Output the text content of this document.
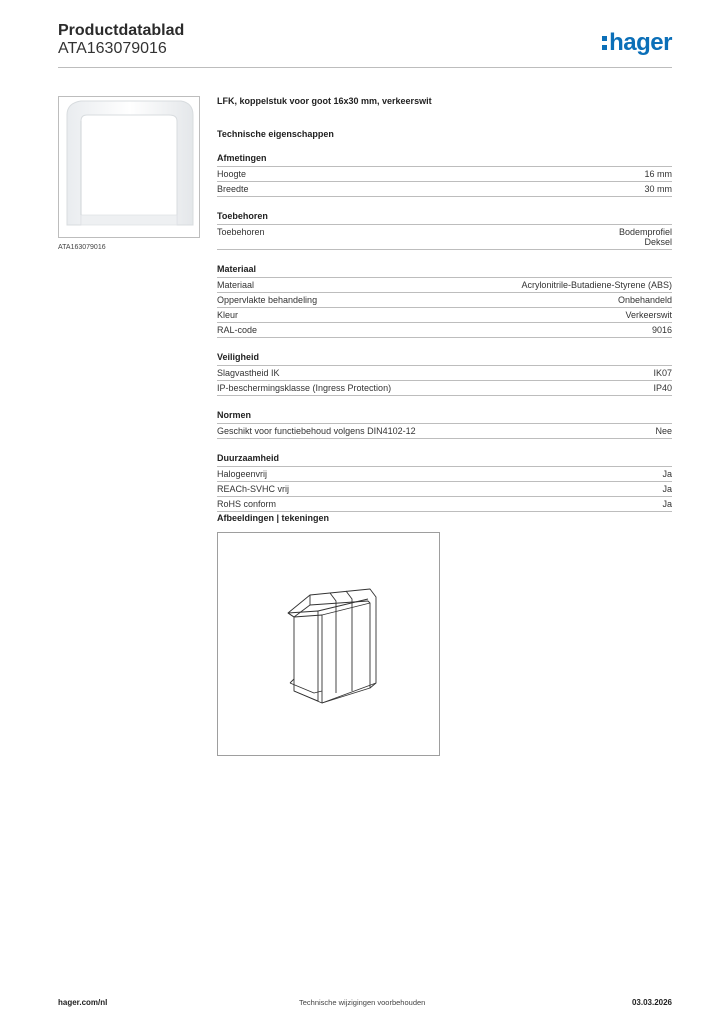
Productdatablad
ATA163079016	hager
ATA163079016
LFK, koppelstuk voor goot 16x30 mm, verkeerswit
Technische eigenschappen
Afmetingen
Hoogte	16 mm
Breedte	30 mm
Toebehoren
Toebehoren	Bodemprofiel
Deksel
Materiaal
Materiaal	Acrylonitrile-Butadiene-Styrene (ABS)
Oppervlakte behandeling	Onbehandeld
Kleur	Verkeerswit
RAL-code	9016
Veiligheid
Slagvastheid IK	IK07
IP-beschermingsklasse (Ingress Protection)	IP40
Normen
Geschikt voor functiebehoud volgens DIN4102-12	Nee
Duurzaamheid
Halogeenvrij	Ja
REACh-SVHC vrij	Ja
RoHS conform	Ja
Afbeeldingen | tekeningen
hager.com/nl	Technische wijzigingen voorbehouden	03.03.2026
